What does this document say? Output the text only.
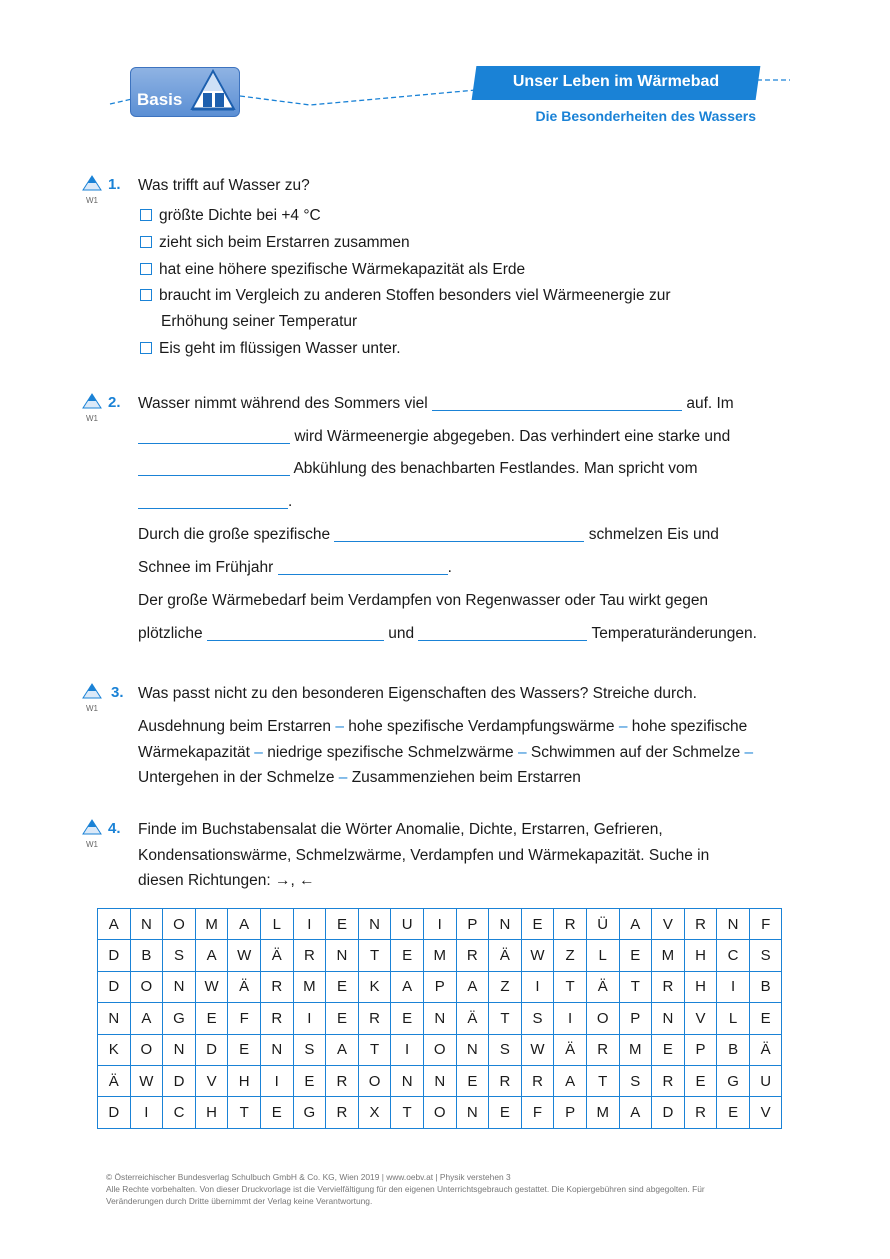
Basis
Unser Leben im Wärmebad
Die Besonderheiten des Wassers
W1
1. Was trifft auf Wasser zu?
größte Dichte bei +4 °C
zieht sich beim Erstarren zusammen
hat eine höhere spezifische Wärmekapazität als Erde
braucht im Vergleich zu anderen Stoffen besonders viel Wärmeenergie zur
Erhöhung seiner Temperatur
Eis geht im flüssigen Wasser unter.
W1
2. Wasser nimmt während des Sommers viel	auf. Im
wird Wärmeenergie abgegeben. Das verhindert eine starke und
Abkühlung des benachbarten Festlandes. Man spricht vom
.
Durch die große spezifische	schmelzen Eis und
Schnee im Frühjahr	.
Der große Wärmebedarf beim Verdampfen von Regenwasser oder Tau wirkt gegen
plötzliche	und	Temperaturänderungen.
W1
3. Was passt nicht zu den besonderen Eigenschaften des Wassers? Streiche durch.
Ausdehnung beim Erstarren – hohe spezifische Verdampfungswärme – hohe spezifische
Wärmekapazität – niedrige spezifische Schmelzwärme – Schwimmen auf der Schmelze –
Untergehen in der Schmelze – Zusammenziehen beim Erstarren
W1
4. Finde im Buchstabensalat die Wörter Anomalie, Dichte, Erstarren, Gefrieren,
Kondensationswärme, Schmelzwärme, Verdampfen und Wärmekapazität. Suche in
diesen Richtungen: →, ←
A	N	O	M	A	L	I	E	N	U	I	P	N	E	R	Ü	A	V	R	N	F
D	B	S	A	W	Ä	R	N	T	E	M	R	Ä	W	Z	L	E	M	H	C	S
D	O	N	W	Ä	R	M	E	K	A	P	A	Z	I	T	Ä	T	R	H	I	B
N	A	G	E	F	R	I	E	R	E	N	Ä	T	S	I	O	P	N	V	L	E
K	O	N	D	E	N	S	A	T	I	O	N	S	W	Ä	R	M	E	P	B	Ä
Ä	W	D	V	H	I	E	R	O	N	N	E	R	R	A	T	S	R	E	G	U
D	I	C	H	T	E	G	R	X	T	O	N	E	F	P	M	A	D	R	E	V
© Österreichischer Bundesverlag Schulbuch GmbH & Co. KG, Wien 2019 | www.oebv.at | Physik verstehen 3
Alle Rechte vorbehalten. Von dieser Druckvorlage ist die Vervielfältigung für den eigenen Unterrichtsgebrauch gestattet. Die Kopiergebühren sind abgegolten. Für
Veränderungen durch Dritte übernimmt der Verlag keine Verantwortung.
